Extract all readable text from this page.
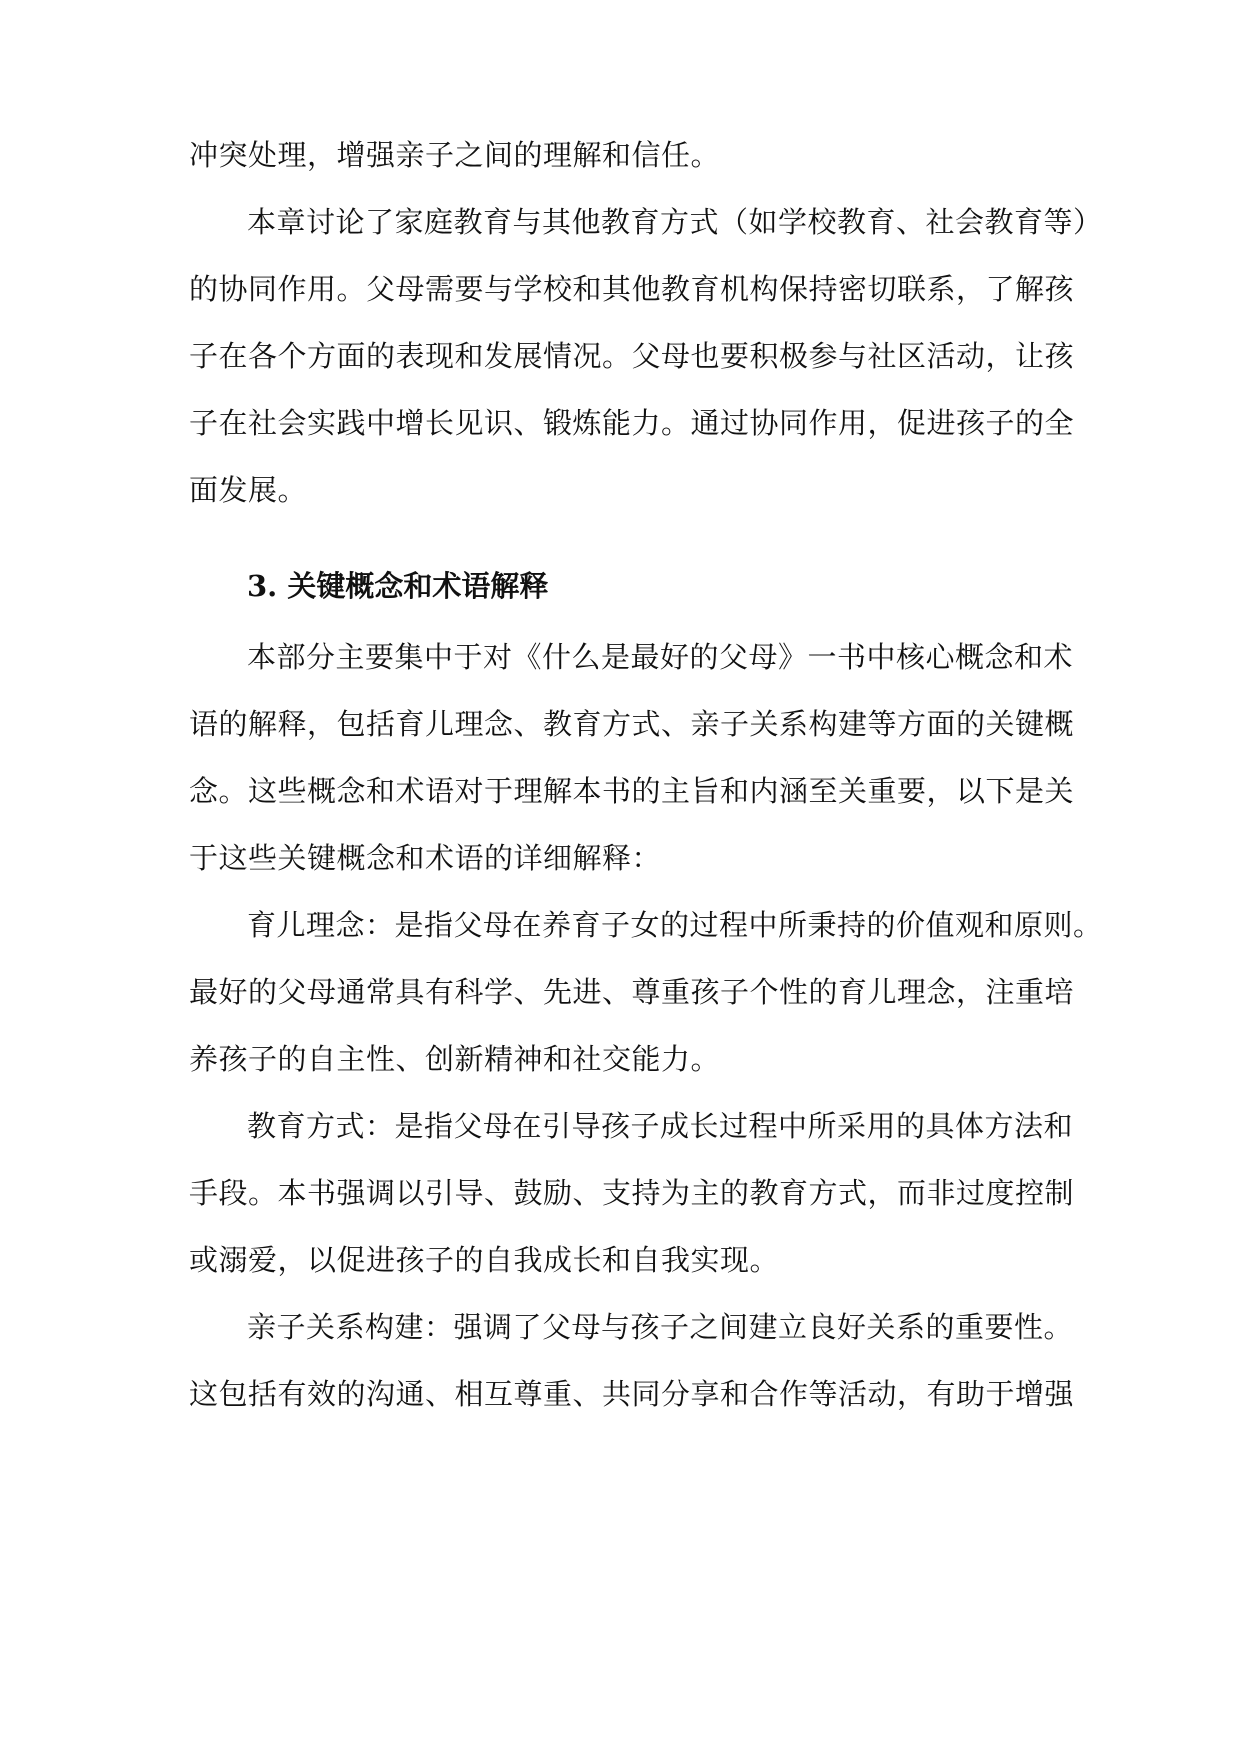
冲突处理，增强亲子之间的理解和信任。
本章讨论了家庭教育与其他教育方式（如学校教育、社会教育等）
的协同作用。父母需要与学校和其他教育机构保持密切联系，了解孩
子在各个方面的表现和发展情况。父母也要积极参与社区活动，让孩
子在社会实践中增长见识、锻炼能力。通过协同作用，促进孩子的全
面发展。
3. 关键概念和术语解释
本部分主要集中于对《什么是最好的父母》一书中核心概念和术
语的解释，包括育儿理念、教育方式、亲子关系构建等方面的关键概
念。这些概念和术语对于理解本书的主旨和内涵至关重要，以下是关
于这些关键概念和术语的详细解释：
育儿理念：是指父母在养育子女的过程中所秉持的价值观和原则。
最好的父母通常具有科学、先进、尊重孩子个性的育儿理念，注重培
养孩子的自主性、创新精神和社交能力。
教育方式：是指父母在引导孩子成长过程中所采用的具体方法和
手段。本书强调以引导、鼓励、支持为主的教育方式，而非过度控制
或溺爱，以促进孩子的自我成长和自我实现。
亲子关系构建：强调了父母与孩子之间建立良好关系的重要性。
这包括有效的沟通、相互尊重、共同分享和合作等活动，有助于增强
